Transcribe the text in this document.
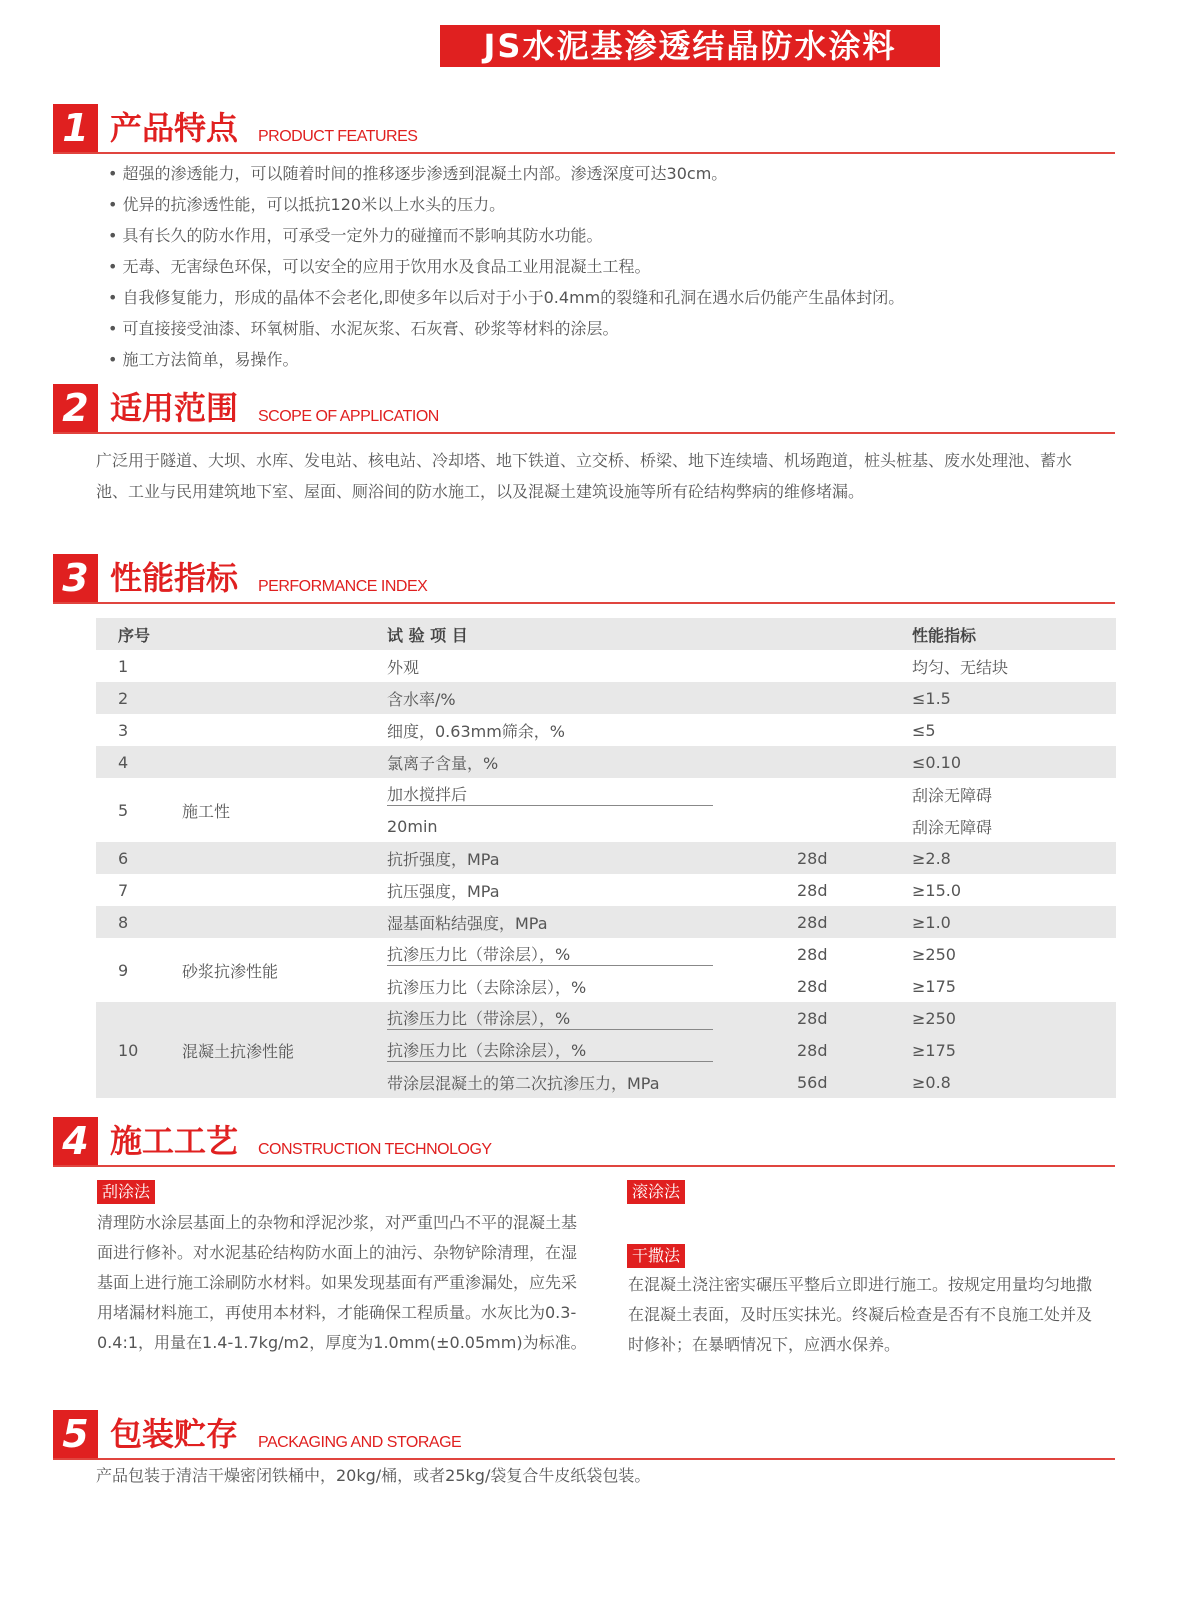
JS水泥基渗透结晶防水涂料
1 产品特点 PRODUCT FEATURES
• 超强的渗透能力，可以随着时间的推移逐步渗透到混凝土内部。渗透深度可达30cm。
• 优异的抗渗透性能，可以抵抗120米以上水头的压力。
• 具有长久的防水作用，可承受一定外力的碰撞而不影响其防水功能。
• 无毒、无害绿色环保，可以安全的应用于饮用水及食品工业用混凝土工程。
• 自我修复能力，形成的晶体不会老化,即使多年以后对于小于0.4mm的裂缝和孔洞在遇水后仍能产生晶体封闭。
• 可直接接受油漆、环氧树脂、水泥灰浆、石灰膏、砂浆等材料的涂层。
• 施工方法简单，易操作。
2 适用范围 SCOPE OF APPLICATION
广泛用于隧道、大坝、水库、发电站、核电站、冷却塔、地下铁道、立交桥、桥梁、地下连续墙、机场跑道，桩头桩基、废水处理池、蓄水池、工业与民用建筑地下室、屋面、厕浴间的防水施工，以及混凝土建筑设施等所有砼结构弊病的维修堵漏。
3 性能指标 PERFORMANCE INDEX
序号		试 验 项 目		性能指标
1		外观		均匀、无结块
2		含水率/%		≤1.5
3		细度，0.63mm筛余，%		≤5
4		氯离子含量，%		≤0.10
5	施工性	加水搅拌后		刮涂无障碍
		20min		刮涂无障碍
6		抗折强度，MPa	28d	≥2.8
7		抗压强度，MPa	28d	≥15.0
8		湿基面粘结强度，MPa	28d	≥1.0
9	砂浆抗渗性能	抗渗压力比（带涂层），%	28d	≥250
		抗渗压力比（去除涂层），%	28d	≥175
10	混凝土抗渗性能	抗渗压力比（带涂层），%	28d	≥250
		抗渗压力比（去除涂层），%	28d	≥175
		带涂层混凝土的第二次抗渗压力，MPa	56d	≥0.8
4 施工工艺 CONSTRUCTION TECHNOLOGY
刮涂法
清理防水涂层基面上的杂物和浮泥沙浆，对严重凹凸不平的混凝土基面进行修补。对水泥基砼结构防水面上的油污、杂物铲除清理，在湿基面上进行施工涂刷防水材料。如果发现基面有严重渗漏处，应先采用堵漏材料施工，再使用本材料，才能确保工程质量。水灰比为0.3-0.4:1，用量在1.4-1.7kg/m2，厚度为1.0mm(±0.05mm)为标准。
滚涂法
干撒法
在混凝土浇注密实碾压平整后立即进行施工。按规定用量均匀地撒在混凝土表面，及时压实抹光。终凝后检查是否有不良施工处并及时修补；在暴晒情况下，应洒水保养。
5 包装贮存 PACKAGING AND STORAGE
产品包装于清洁干燥密闭铁桶中，20kg/桶，或者25kg/袋复合牛皮纸袋包装。
